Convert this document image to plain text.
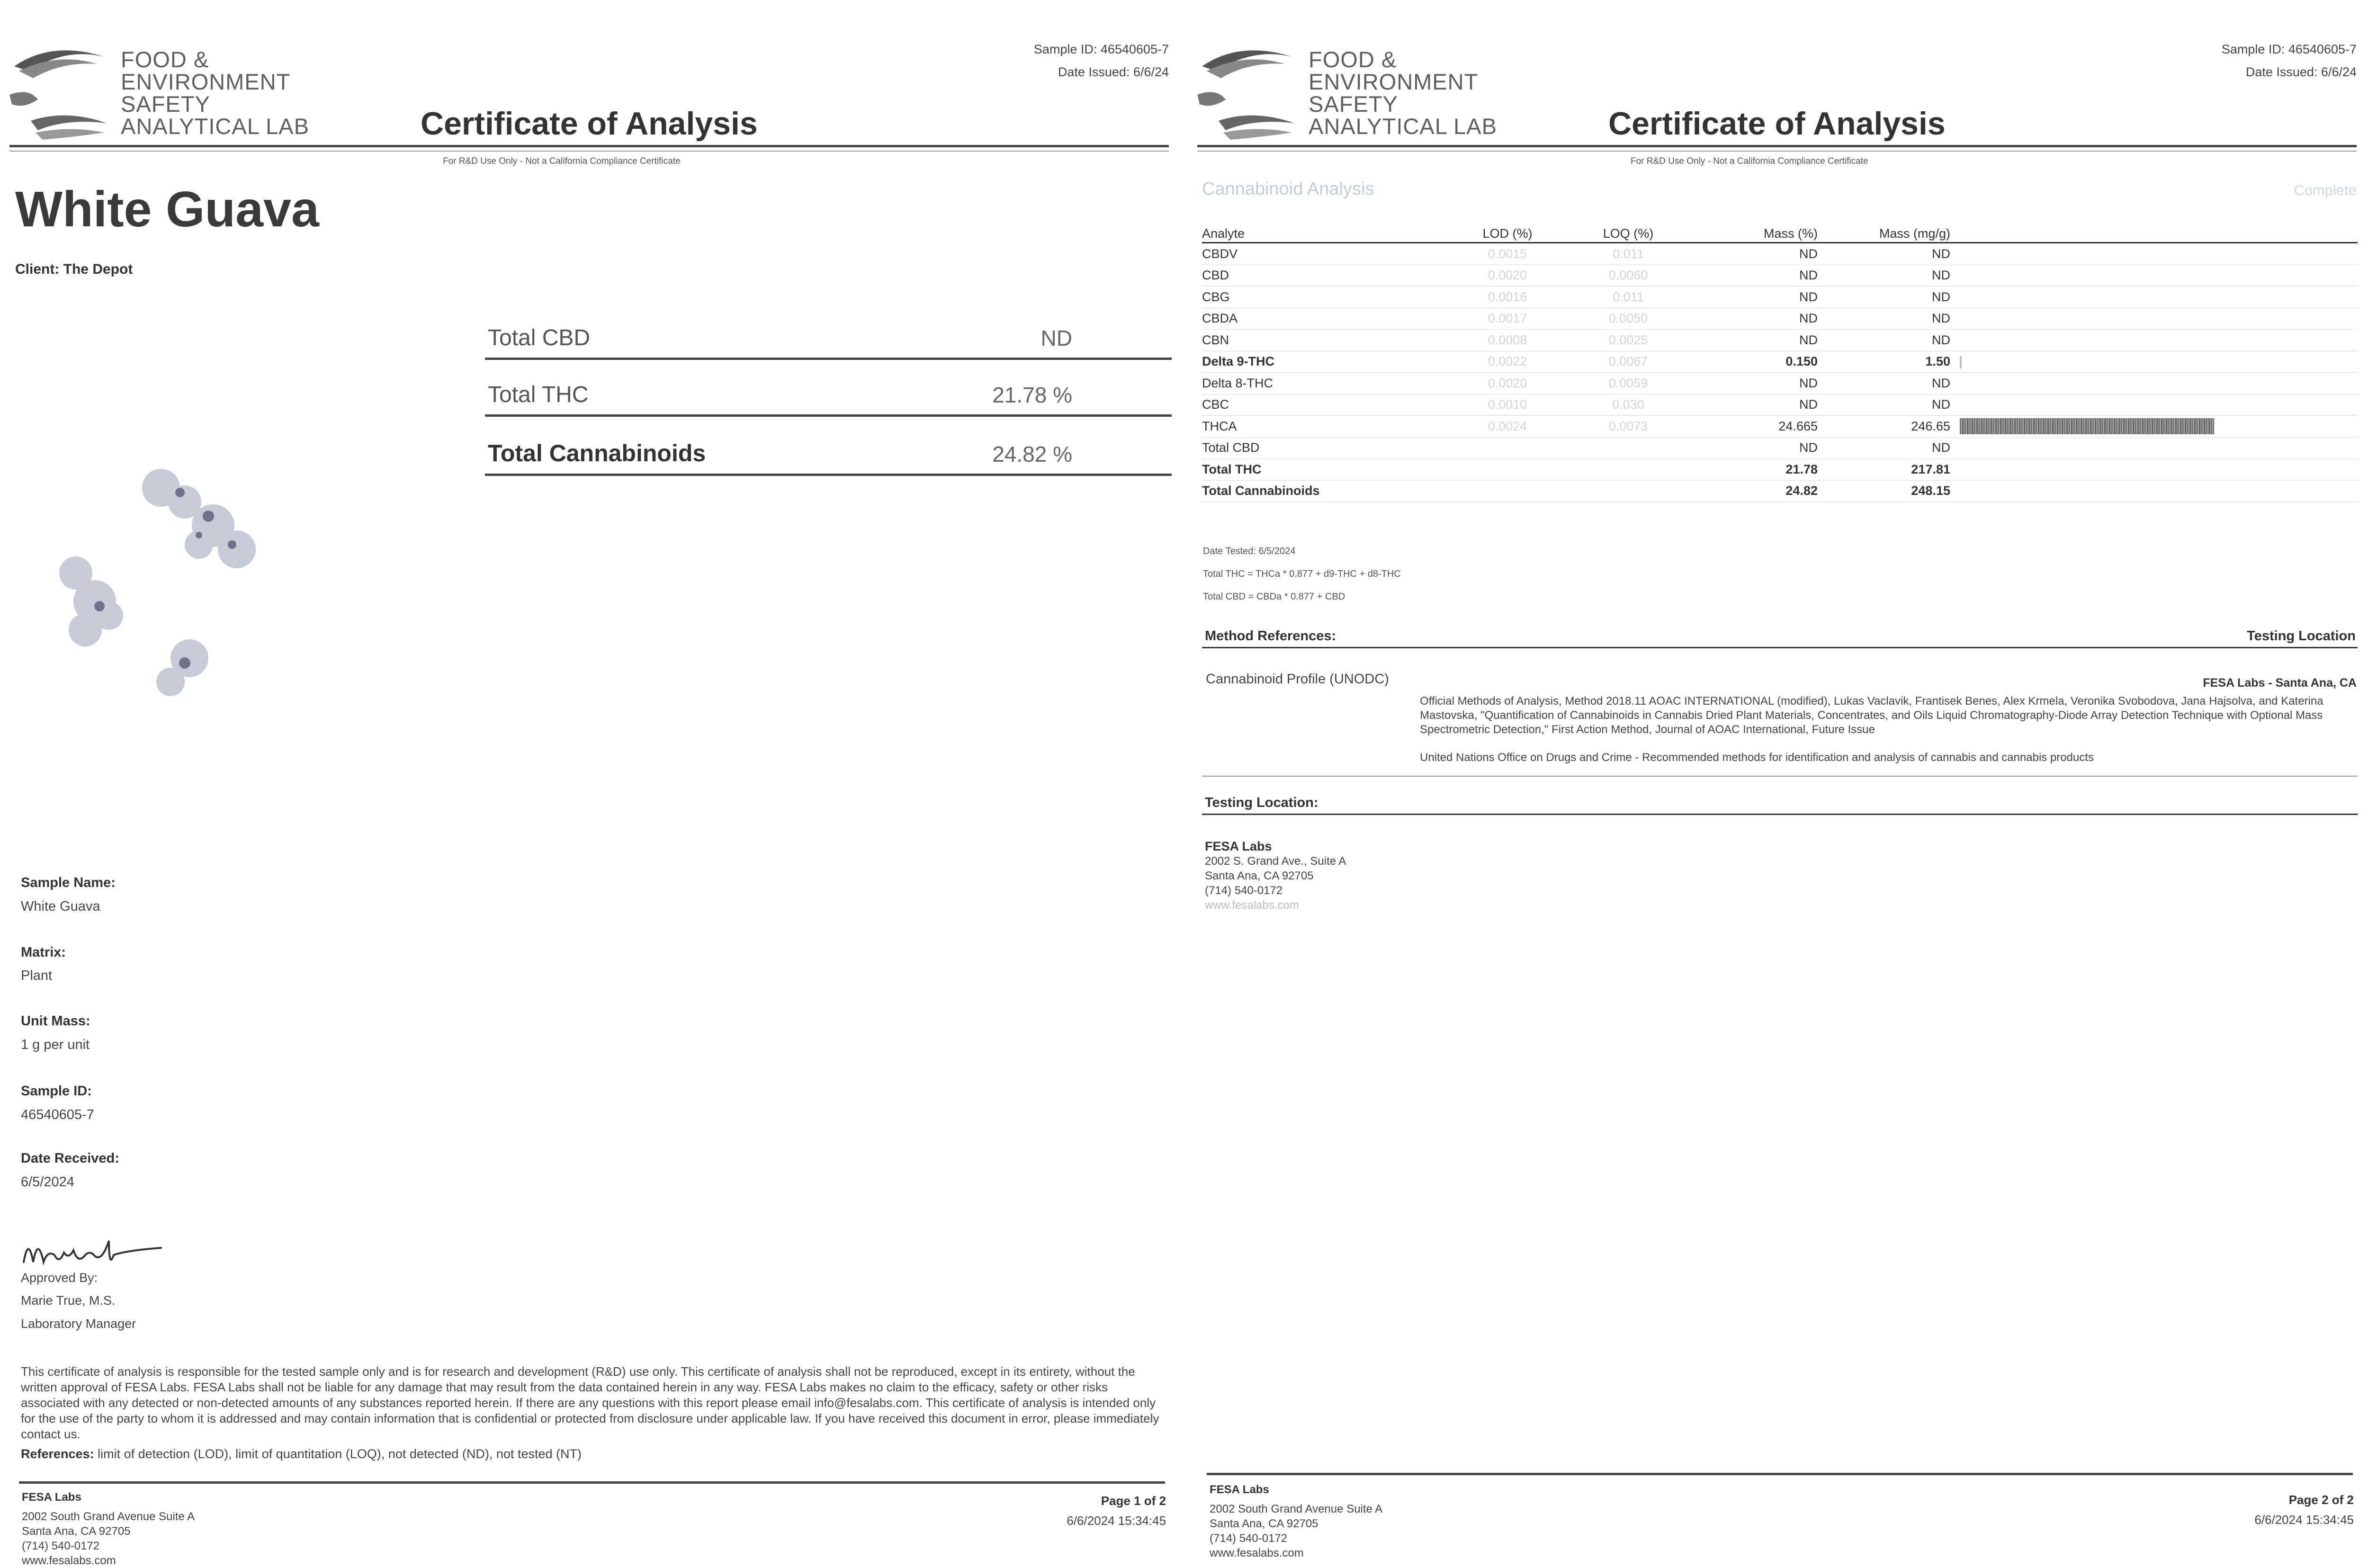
FOOD &
ENVIRONMENT
SAFETY
ANALYTICAL LAB
Sample ID: 46540605-7
Date Issued: 6/6/24
Certificate of Analysis
For R&D Use Only - Not a California Compliance Certificate
White Guava
Client: The Depot
Total CBD	ND
Total THC	21.78 %
Total Cannabinoids	24.82 %
Sample Name:
White Guava
Matrix:
Plant
Unit Mass:
1 g per unit
Sample ID:
46540605-7
Date Received:
6/5/2024
Approved By:
Marie True, M.S.
Laboratory Manager
This certificate of analysis is responsible for the tested sample only and is for research and development (R&D) use only. This certificate of analysis shall not be reproduced, except in its entirety, without the written approval of FESA Labs. FESA Labs shall not be liable for any damage that may result from the data contained herein in any way. FESA Labs makes no claim to the efficacy, safety or other risks associated with any detected or non-detected amounts of any substances reported herein. If there are any questions with this report please email info@fesalabs.com. This certificate of analysis is intended only for the use of the party to whom it is addressed and may contain information that is confidential or protected from disclosure under applicable law. If you have received this document in error, please immediately contact us.
References: limit of detection (LOD), limit of quantitation (LOQ), not detected (ND), not tested (NT)
FESA Labs
2002 South Grand Avenue Suite A
Santa Ana, CA 92705
(714) 540-0172
www.fesalabs.com
Page 1 of 2
6/6/2024 15:34:45
FOOD &
ENVIRONMENT
SAFETY
ANALYTICAL LAB
Sample ID: 46540605-7
Date Issued: 6/6/24
Certificate of Analysis
For R&D Use Only - Not a California Compliance Certificate
Cannabinoid Analysis	Complete
Analyte	LOD (%)	LOQ (%)	Mass (%)	Mass (mg/g)	
CBDV	0.0015	0.011	ND	ND	
CBD	0.0020	0.0060	ND	ND	
CBG	0.0016	0.011	ND	ND	
CBDA	0.0017	0.0050	ND	ND	
CBN	0.0008	0.0025	ND	ND	
Delta 9-THC	0.0022	0.0067	0.150	1.50	
Delta 8-THC	0.0020	0.0059	ND	ND	
CBC	0.0010	0.030	ND	ND	
THCA	0.0024	0.0073	24.665	246.65	
Total CBD			ND	ND	
Total THC			21.78	217.81	
Total Cannabinoids			24.82	248.15	
Date Tested: 6/5/2024
Total THC = THCa * 0.877 + d9-THC + d8-THC
Total CBD = CBDa * 0.877 + CBD
Method References:	Testing Location
Cannabinoid Profile (UNODC)	FESA Labs - Santa Ana, CA
Official Methods of Analysis, Method 2018.11 AOAC INTERNATIONAL (modified), Lukas Vaclavik, Frantisek Benes, Alex Krmela, Veronika Svobodova, Jana Hajsolva, and Katerina Mastovska, "Quantification of Cannabinoids in Cannabis Dried Plant Materials, Concentrates, and Oils Liquid Chromatography-Diode Array Detection Technique with Optional Mass Spectrometric Detection," First Action Method, Journal of AOAC International, Future Issue
United Nations Office on Drugs and Crime - Recommended methods for identification and analysis of cannabis and cannabis products
Testing Location:
FESA Labs
2002 S. Grand Ave., Suite A
Santa Ana, CA 92705
(714) 540-0172
www.fesalabs.com
FESA Labs
2002 South Grand Avenue Suite A
Santa Ana, CA 92705
(714) 540-0172
www.fesalabs.com
Page 2 of 2
6/6/2024 15:34:45
